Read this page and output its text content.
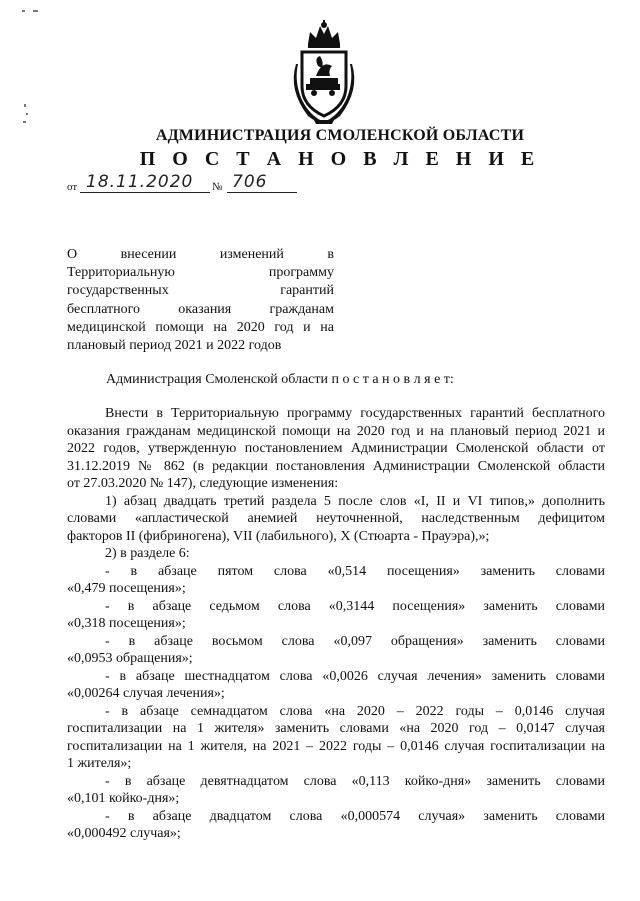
АДМИНИСТРАЦИЯ СМОЛЕНСКОЙ ОБЛАСТИ
П О С Т А Н О В Л Е Н И Е
от 18.11.2020 № 706
О внесении изменений в
Территориальную программу
государственных гарантий
бесплатного оказания гражданам
медицинской помощи на 2020 год и на
плановый период 2021 и 2022 годов
Администрация Смоленской области п о с т а н о в л я е т:
Внести в Территориальную программу государственных гарантий бесплатного
оказания гражданам медицинской помощи на 2020 год и на плановый период 2021 и
2022 годов, утвержденную постановлением Администрации Смоленской области от
31.12.2019 № 862 (в редакции постановления Администрации Смоленской области
от 27.03.2020 № 147), следующие изменения:
1) абзац двадцать третий раздела 5 после слов «I, II и VI типов,» дополнить
словами «апластической анемией неуточненной, наследственным дефицитом
факторов II (фибриногена), VII (лабильного), X (Стюарта - Прауэра),»;
2) в разделе 6:
- в абзаце пятом слова «0,514 посещения» заменить словами
«0,479 посещения»;
- в абзаце седьмом слова «0,3144 посещения» заменить словами
«0,318 посещения»;
- в абзаце восьмом слова «0,097 обращения» заменить словами
«0,0953 обращения»;
- в абзаце шестнадцатом слова «0,0026 случая лечения» заменить словами
«0,00264 случая лечения»;
- в абзаце семнадцатом слова «на 2020 – 2022 годы – 0,0146 случая
госпитализации на 1 жителя» заменить словами «на 2020 год – 0,0147 случая
госпитализации на 1 жителя, на 2021 – 2022 годы – 0,0146 случая госпитализации на
1 жителя»;
- в абзаце девятнадцатом слова «0,113 койко-дня» заменить словами
«0,101 койко-дня»;
- в абзаце двадцатом слова «0,000574 случая» заменить словами
«0,000492 случая»;
